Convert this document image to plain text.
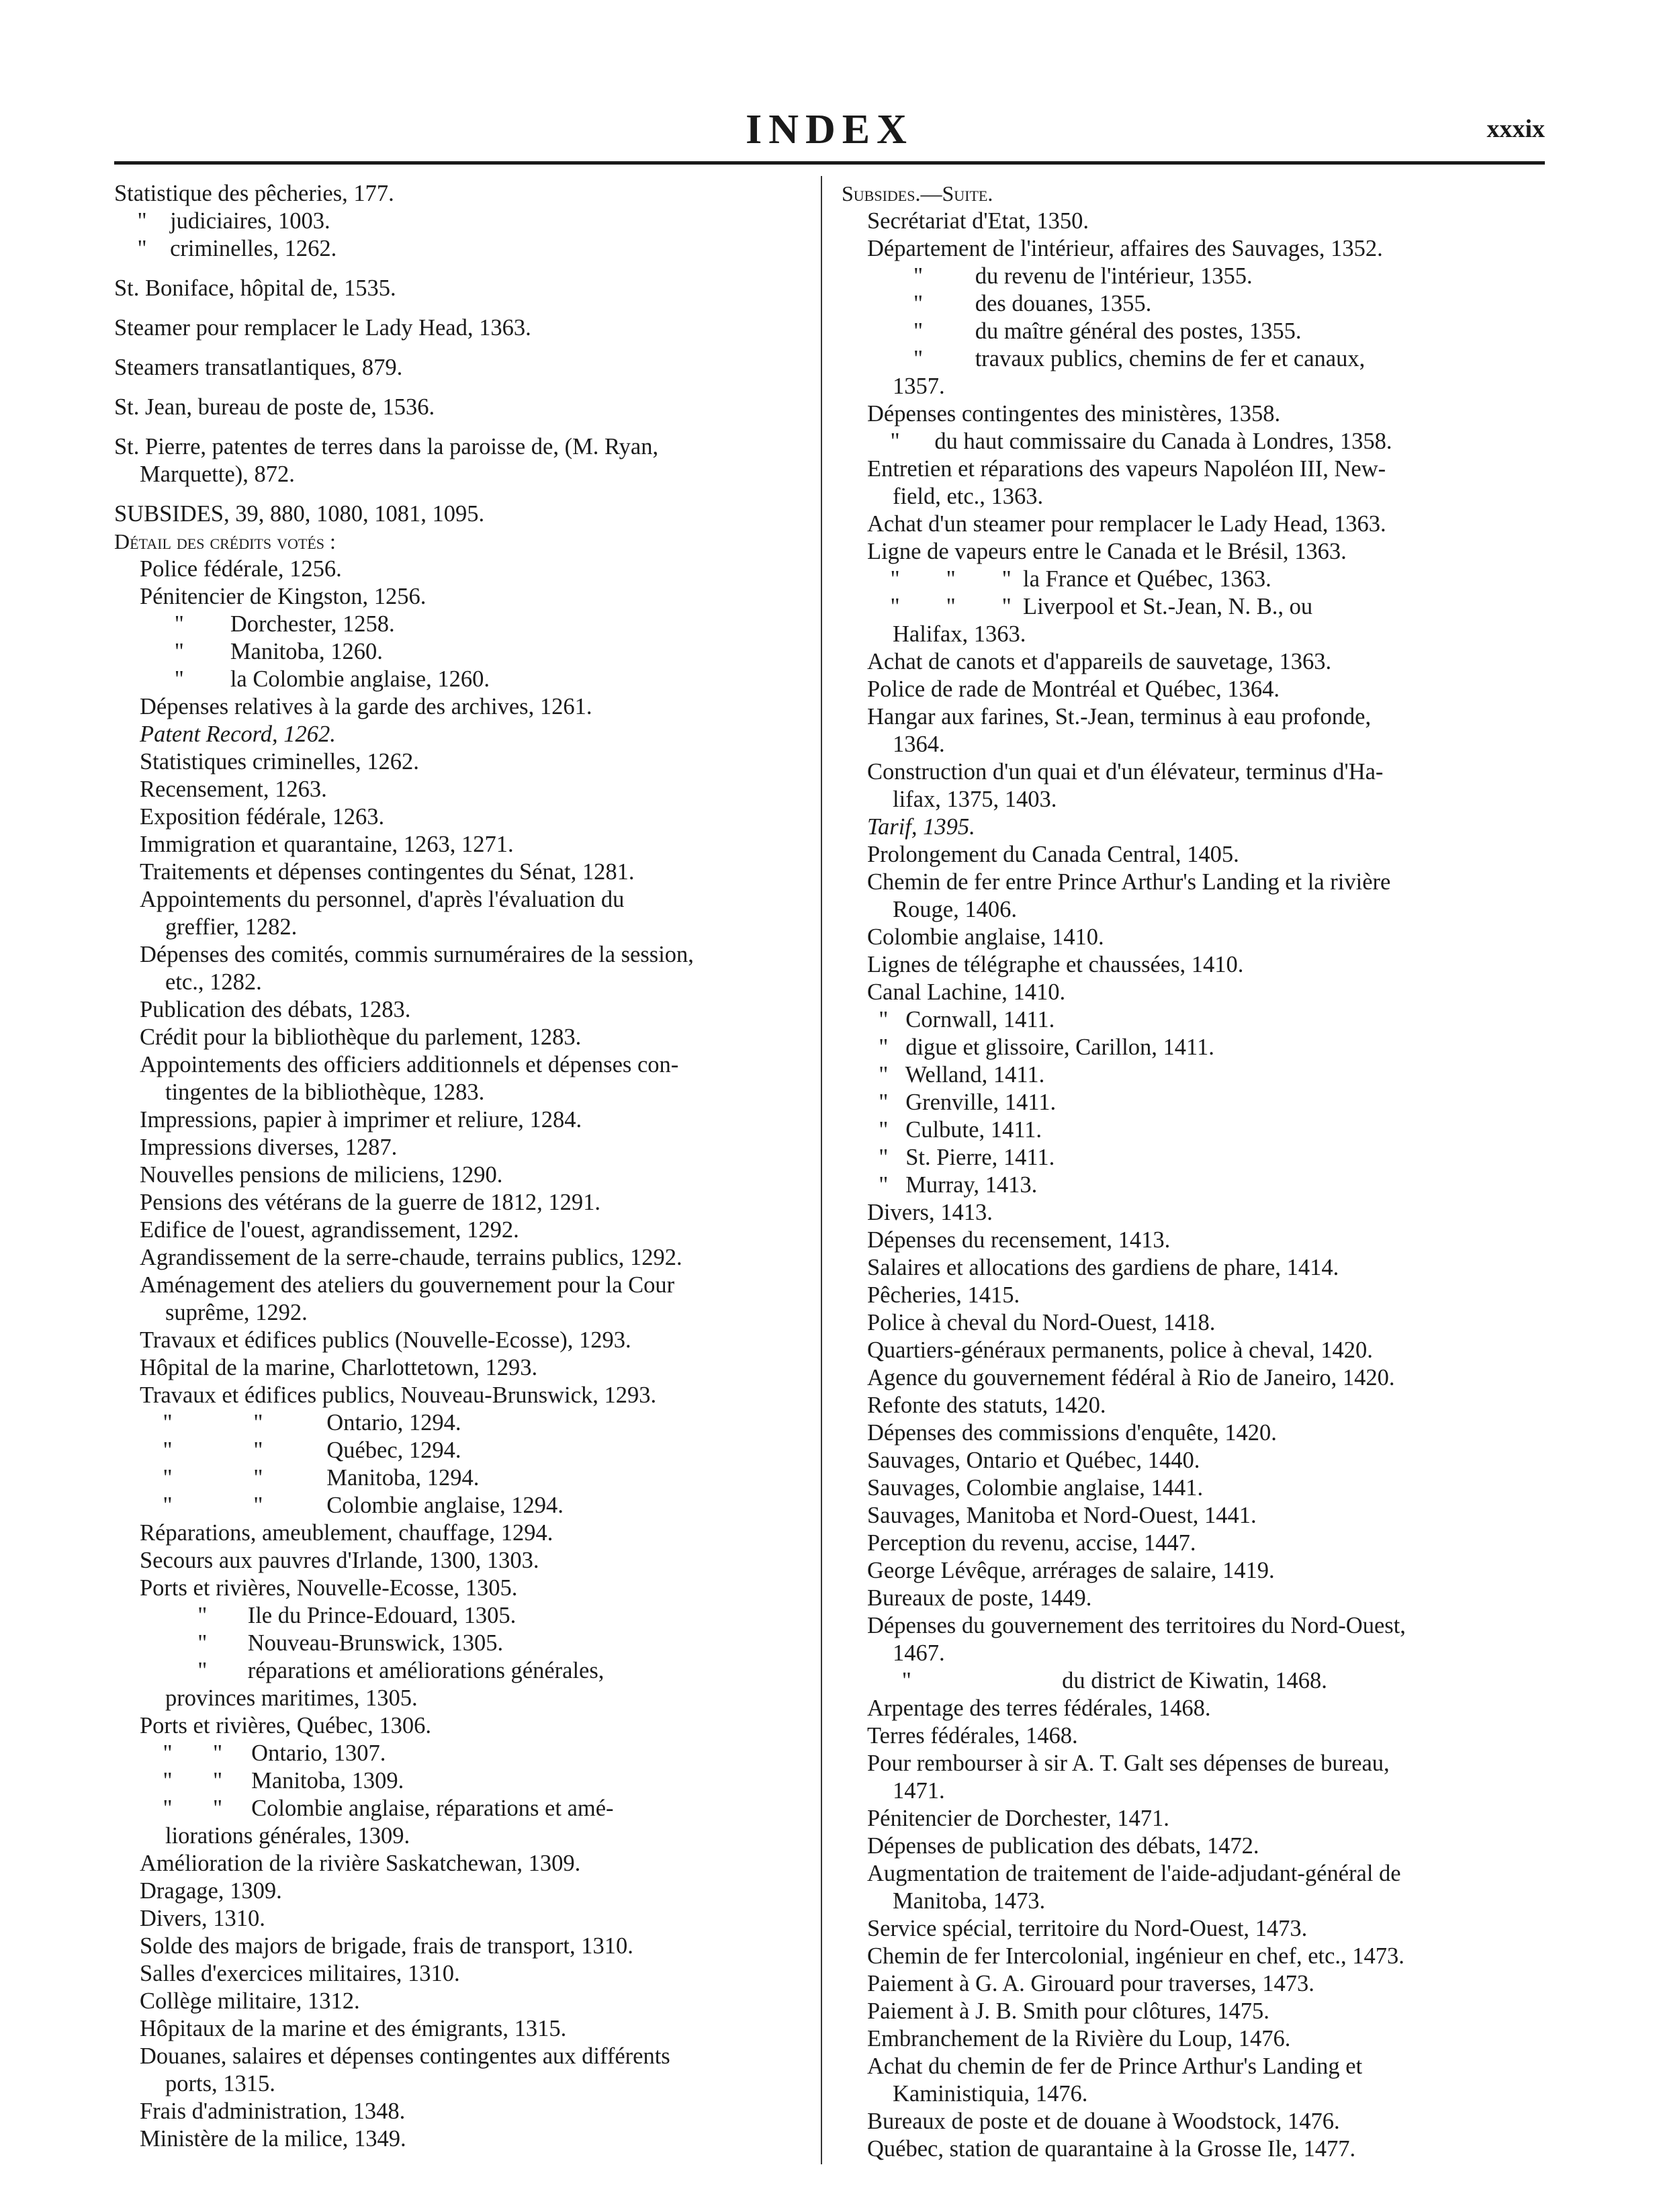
INDEX	xxxix
Statistique des pêcheries, 177.
"    judiciaires, 1003.
"    criminelles, 1262.
St. Boniface, hôpital de, 1535.
Steamer pour remplacer le Lady Head, 1363.
Steamers transatlantiques, 879.
St. Jean, bureau de poste de, 1536.
St. Pierre, patentes de terres dans la paroisse de, (M. Ryan,
Marquette), 872.
SUBSIDES, 39, 880, 1080, 1081, 1095.
Détail des crédits votés :
Police fédérale, 1256.
Pénitencier de Kingston, 1256.
"        Dorchester, 1258.
"        Manitoba, 1260.
"        la Colombie anglaise, 1260.
Dépenses relatives à la garde des archives, 1261.
Patent Record, 1262.
Statistiques criminelles, 1262.
Recensement, 1263.
Exposition fédérale, 1263.
Immigration et quarantaine, 1263, 1271.
Traitements et dépenses contingentes du Sénat, 1281.
Appointements du personnel, d'après l'évaluation du
greffier, 1282.
Dépenses des comités, commis surnuméraires de la session,
etc., 1282.
Publication des débats, 1283.
Crédit pour la bibliothèque du parlement, 1283.
Appointements des officiers additionnels et dépenses con-
tingentes de la bibliothèque, 1283.
Impressions, papier à imprimer et reliure, 1284.
Impressions diverses, 1287.
Nouvelles pensions de miliciens, 1290.
Pensions des vétérans de la guerre de 1812, 1291.
Edifice de l'ouest, agrandissement, 1292.
Agrandissement de la serre-chaude, terrains publics, 1292.
Aménagement des ateliers du gouvernement pour la Cour
suprême, 1292.
Travaux et édifices publics (Nouvelle-Ecosse), 1293.
Hôpital de la marine, Charlottetown, 1293.
Travaux et édifices publics, Nouveau-Brunswick, 1293.
"              "           Ontario, 1294.
"              "           Québec, 1294.
"              "           Manitoba, 1294.
"              "           Colombie anglaise, 1294.
Réparations, ameublement, chauffage, 1294.
Secours aux pauvres d'Irlande, 1300, 1303.
Ports et rivières, Nouvelle-Ecosse, 1305.
"       Ile du Prince-Edouard, 1305.
"       Nouveau-Brunswick, 1305.
"       réparations et améliorations générales,
provinces maritimes, 1305.
Ports et rivières, Québec, 1306.
"       "     Ontario, 1307.
"       "     Manitoba, 1309.
"       "     Colombie anglaise, réparations et amé-
liorations générales, 1309.
Amélioration de la rivière Saskatchewan, 1309.
Dragage, 1309.
Divers, 1310.
Solde des majors de brigade, frais de transport, 1310.
Salles d'exercices militaires, 1310.
Collège militaire, 1312.
Hôpitaux de la marine et des émigrants, 1315.
Douanes, salaires et dépenses contingentes aux différents
ports, 1315.
Frais d'administration, 1348.
Ministère de la milice, 1349.
Subsides.—Suite.
Secrétariat d'Etat, 1350.
Département de l'intérieur, affaires des Sauvages, 1352.
"         du revenu de l'intérieur, 1355.
"         des douanes, 1355.
"         du maître général des postes, 1355.
"         travaux publics, chemins de fer et canaux,
1357.
Dépenses contingentes des ministères, 1358.
"      du haut commissaire du Canada à Londres, 1358.
Entretien et réparations des vapeurs Napoléon III, New-
field, etc., 1363.
Achat d'un steamer pour remplacer le Lady Head, 1363.
Ligne de vapeurs entre le Canada et le Brésil, 1363.
"        "        "  la France et Québec, 1363.
"        "        "  Liverpool et St.-Jean, N. B., ou
Halifax, 1363.
Achat de canots et d'appareils de sauvetage, 1363.
Police de rade de Montréal et Québec, 1364.
Hangar aux farines, St.-Jean, terminus à eau profonde,
1364.
Construction d'un quai et d'un élévateur, terminus d'Ha-
lifax, 1375, 1403.
Tarif, 1395.
Prolongement du Canada Central, 1405.
Chemin de fer entre Prince Arthur's Landing et la rivière
Rouge, 1406.
Colombie anglaise, 1410.
Lignes de télégraphe et chaussées, 1410.
Canal Lachine, 1410.
"   Cornwall, 1411.
"   digue et glissoire, Carillon, 1411.
"   Welland, 1411.
"   Grenville, 1411.
"   Culbute, 1411.
"   St. Pierre, 1411.
"   Murray, 1413.
Divers, 1413.
Dépenses du recensement, 1413.
Salaires et allocations des gardiens de phare, 1414.
Pêcheries, 1415.
Police à cheval du Nord-Ouest, 1418.
Quartiers-généraux permanents, police à cheval, 1420.
Agence du gouvernement fédéral à Rio de Janeiro, 1420.
Refonte des statuts, 1420.
Dépenses des commissions d'enquête, 1420.
Sauvages, Ontario et Québec, 1440.
Sauvages, Colombie anglaise, 1441.
Sauvages, Manitoba et Nord-Ouest, 1441.
Perception du revenu, accise, 1447.
George Lévêque, arrérages de salaire, 1419.
Bureaux de poste, 1449.
Dépenses du gouvernement des territoires du Nord-Ouest,
1467.
"                          du district de Kiwatin, 1468.
Arpentage des terres fédérales, 1468.
Terres fédérales, 1468.
Pour rembourser à sir A. T. Galt ses dépenses de bureau,
1471.
Pénitencier de Dorchester, 1471.
Dépenses de publication des débats, 1472.
Augmentation de traitement de l'aide-adjudant-général de
Manitoba, 1473.
Service spécial, territoire du Nord-Ouest, 1473.
Chemin de fer Intercolonial, ingénieur en chef, etc., 1473.
Paiement à G. A. Girouard pour traverses, 1473.
Paiement à J. B. Smith pour clôtures, 1475.
Embranchement de la Rivière du Loup, 1476.
Achat du chemin de fer de Prince Arthur's Landing et
Kaministiquia, 1476.
Bureaux de poste et de douane à Woodstock, 1476.
Québec, station de quarantaine à la Grosse Ile, 1477.
